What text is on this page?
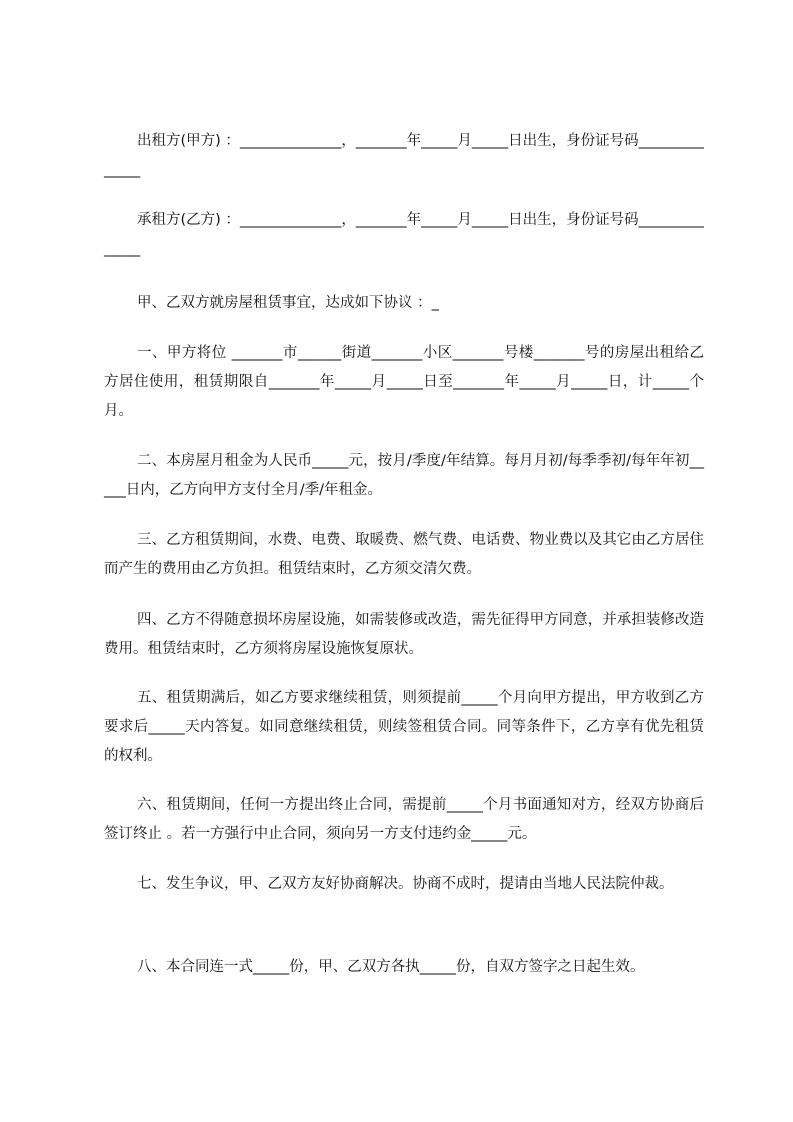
出租方(甲方) ：______________，_______年_____月_____日出生，身份证号码______________
承租方(乙方) ：______________，_______年_____月_____日出生，身份证号码______________
甲、乙双方就房屋租赁事宜，达成如下协议 ：_
一、甲方将位 _______市______街道_______小区_______号楼_______号的房屋出租给乙方居住使用，租赁期限自_______年_____月_____日至_______年_____月_____日，计_____个月。
二、本房屋月租金为人民币_____元，按月/季度/年结算。每月月初/每季季初/每年年初_____日内，乙方向甲方支付全月/季/年租金。
三、乙方租赁期间，水费、电费、取暖费、燃气费、电话费、物业费以及其它由乙方居住而产生的费用由乙方负担。租赁结束时，乙方须交清欠费。
四、乙方不得随意损坏房屋设施，如需装修或改造，需先征得甲方同意，并承担装修改造费用。租赁结束时，乙方须将房屋设施恢复原状。
五、租赁期满后，如乙方要求继续租赁，则须提前_____个月向甲方提出，甲方收到乙方要求后_____天内答复。如同意继续租赁，则续签租赁合同。同等条件下，乙方享有优先租赁的权利。
六、租赁期间，任何一方提出终止合同，需提前_____个月书面通知对方，经双方协商后签订终止 。若一方强行中止合同，须向另一方支付违约金_____元。
七、发生争议，甲、乙双方友好协商解决。协商不成时，提请由当地人民法院仲裁。
八、本合同连一式_____份，甲、乙双方各执_____份，自双方签字之日起生效。
